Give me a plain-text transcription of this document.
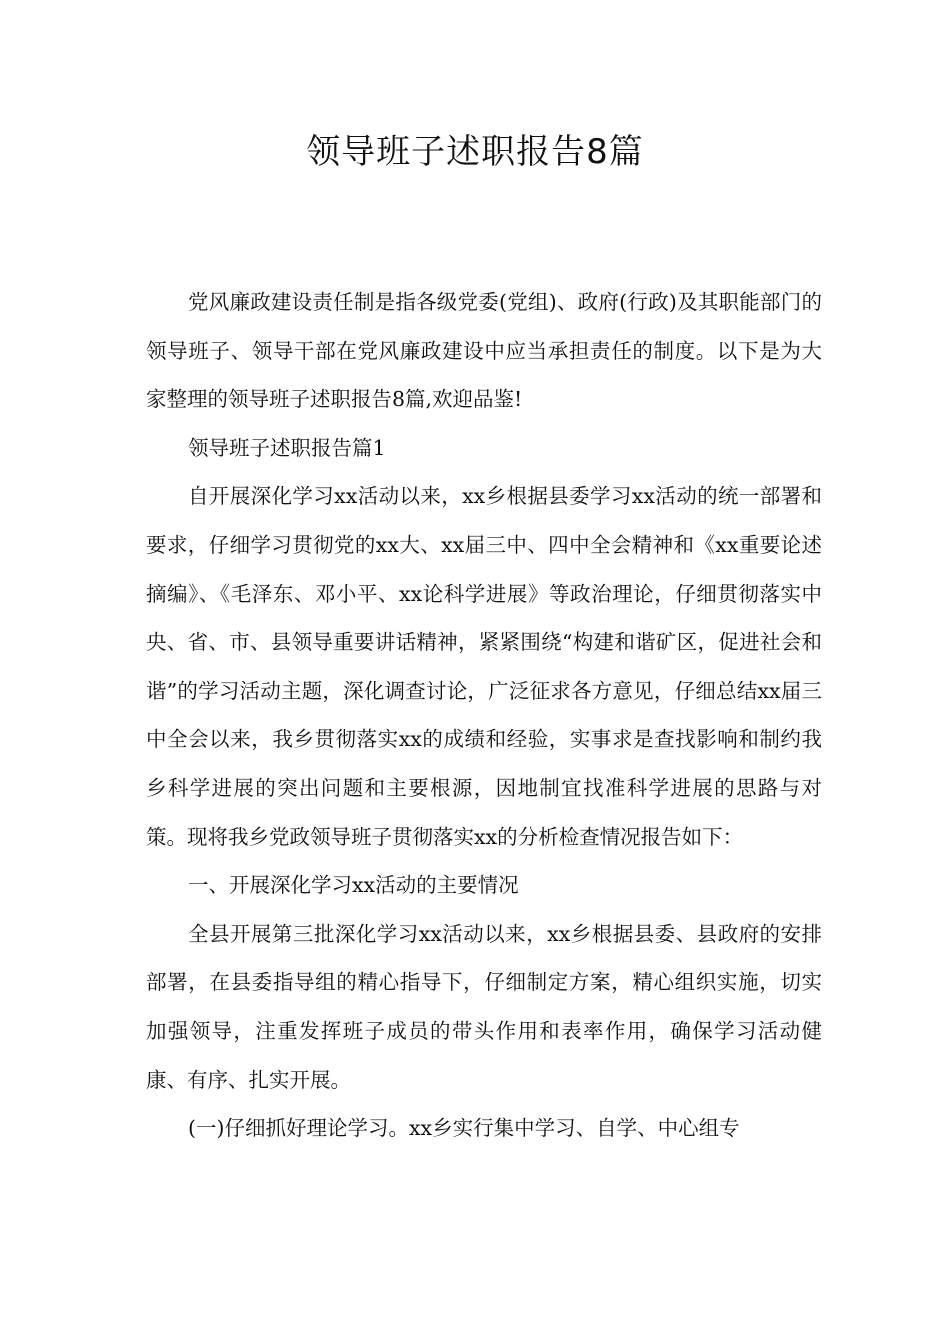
领导班子述职报告8篇

党风廉政建设责任制是指各级党委(党组)、政府(行政)及其职能部门的领导班子、领导干部在党风廉政建设中应当承担责任的制度。以下是为大家整理的领导班子述职报告8篇,欢迎品鉴!

领导班子述职报告篇1

自开展深化学习xx活动以来，xx乡根据县委学习xx活动的统一部署和要求，仔细学习贯彻党的xx大、xx届三中、四中全会精神和《xx重要论述摘编》、《毛泽东、邓小平、xx论科学进展》等政治理论，仔细贯彻落实中央、省、市、县领导重要讲话精神，紧紧围绕“构建和谐矿区，促进社会和谐”的学习活动主题，深化调查讨论，广泛征求各方意见，仔细总结xx届三中全会以来，我乡贯彻落实xx的成绩和经验，实事求是查找影响和制约我乡科学进展的突出问题和主要根源，因地制宜找准科学进展的思路与对策。现将我乡党政领导班子贯彻落实xx的分析检查情况报告如下：

一、开展深化学习xx活动的主要情况

全县开展第三批深化学习xx活动以来，xx乡根据县委、县政府的安排部署，在县委指导组的精心指导下，仔细制定方案，精心组织实施，切实加强领导，注重发挥班子成员的带头作用和表率作用，确保学习活动健康、有序、扎实开展。

(一)仔细抓好理论学习。xx乡实行集中学习、自学、中心组专
